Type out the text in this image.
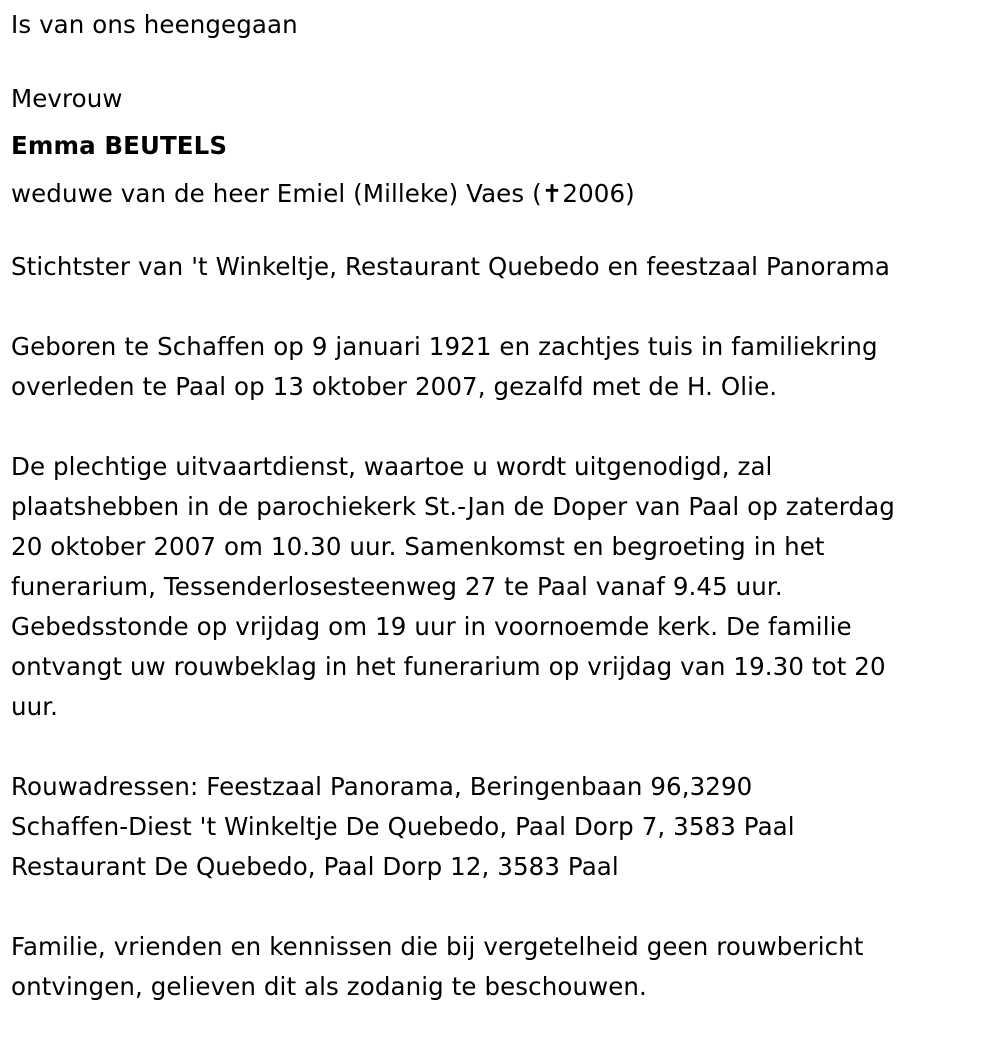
Is van ons heengegaan
Mevrouw
Emma BEUTELS
weduwe van de heer Emiel (Milleke) Vaes (✝2006)
Stichtster van 't Winkeltje, Restaurant Quebedo en feestzaal Panorama
Geboren te Schaffen op 9 januari 1921 en zachtjes tuis in familiekring
overleden te Paal op 13 oktober 2007, gezalfd met de H. Olie.
De plechtige uitvaartdienst, waartoe u wordt uitgenodigd, zal
plaatshebben in de parochiekerk St.-Jan de Doper van Paal op zaterdag
20 oktober 2007 om 10.30 uur. Samenkomst en begroeting in het
funerarium, Tessenderlosesteenweg 27 te Paal vanaf 9.45 uur.
Gebedsstonde op vrijdag om 19 uur in voornoemde kerk. De familie
ontvangt uw rouwbeklag in het funerarium op vrijdag van 19.30 tot 20
uur.
Rouwadressen: Feestzaal Panorama, Beringenbaan 96,3290
Schaffen-Diest 't Winkeltje De Quebedo, Paal Dorp 7, 3583 Paal
Restaurant De Quebedo, Paal Dorp 12, 3583 Paal
Familie, vrienden en kennissen die bij vergetelheid geen rouwbericht
ontvingen, gelieven dit als zodanig te beschouwen.
